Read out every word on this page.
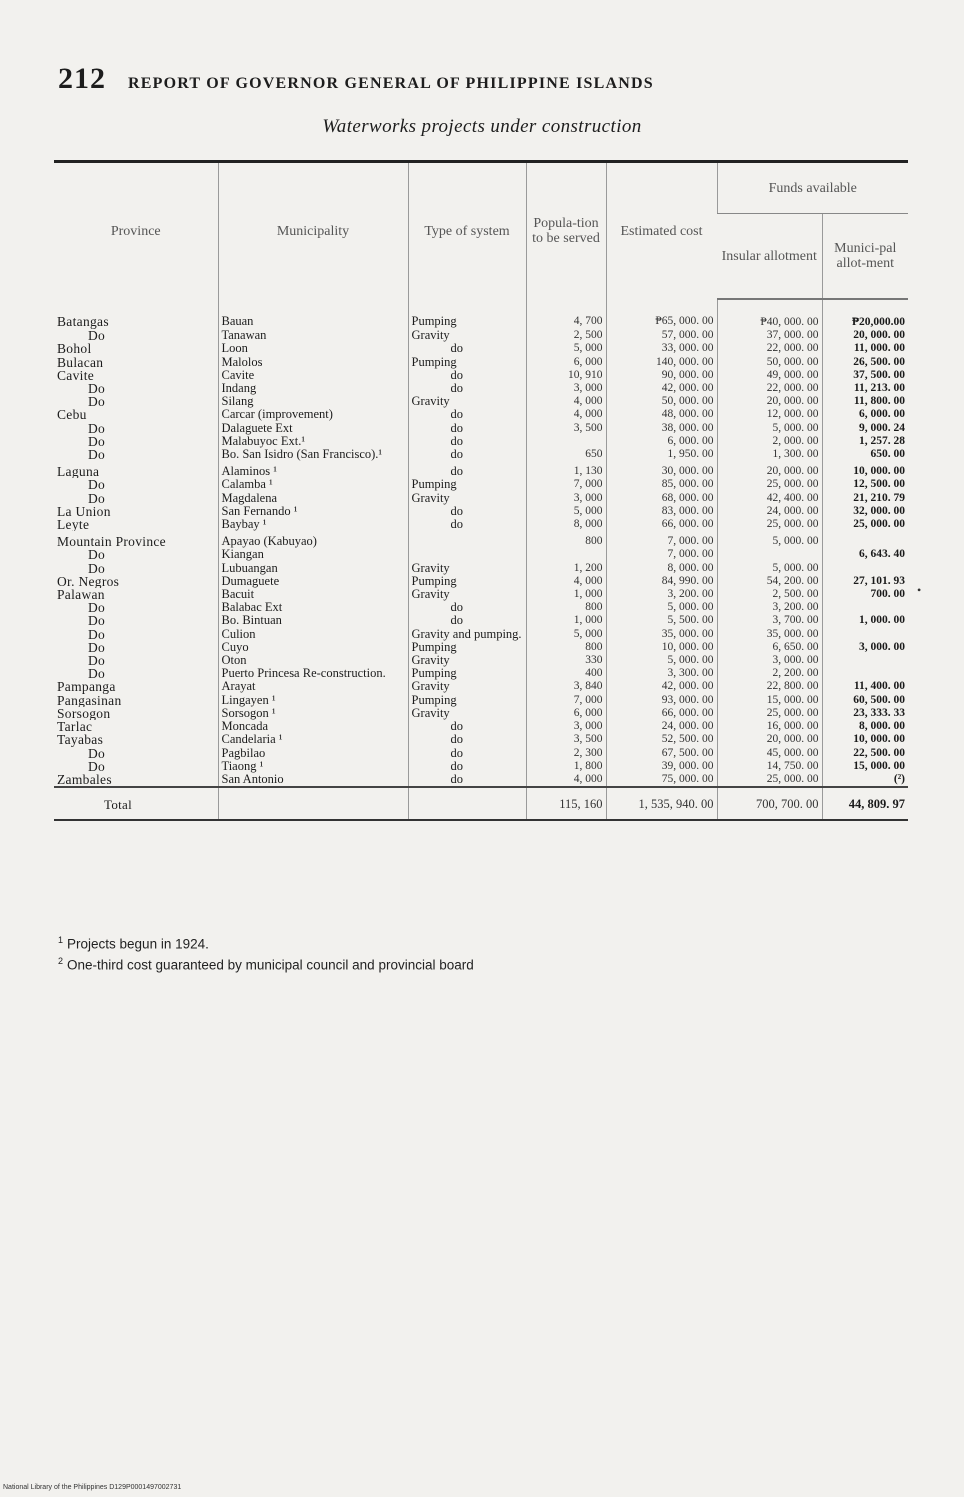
212 REPORT OF GOVERNOR GENERAL OF PHILIPPINE ISLANDS
Waterworks projects under construction
Province	Municipality	Type of system	Popula-tion to be served	Estimated cost	Funds available	
					Insular allotment	Munici-pal allot-ment
Batangas	Bauan	Pumping	4, 700	₱65, 000. 00	₱40, 000. 00	₱20,000.00
Do	Tanawan	Gravity	2, 500	57, 000. 00	37, 000. 00	20, 000. 00
Bohol	Loon	do	5, 000	33, 000. 00	22, 000. 00	11, 000. 00
Bulacan	Malolos	Pumping	6, 000	140, 000. 00	50, 000. 00	26, 500. 00
Cavite	Cavite	do	10, 910	90, 000. 00	49, 000. 00	37, 500. 00
Do	Indang	do	3, 000	42, 000. 00	22, 000. 00	11, 213. 00
Do	Silang	Gravity	4, 000	50, 000. 00	20, 000. 00	11, 800. 00
Cebu	Carcar (improvement)	do	4, 000	48, 000. 00	12, 000. 00	6, 000. 00
Do	Dalaguete Ext	do	3, 500	38, 000. 00	5, 000. 00	9, 000. 24
Do	Malabuyoc Ext.¹	do		6, 000. 00	2, 000. 00	1, 257. 28
Do	Bo. San Isidro (San Francisco).¹	do	650	1, 950. 00	1, 300. 00	650. 00
Laguna	Alaminos ¹	do	1, 130	30, 000. 00	20, 000. 00	10, 000. 00
Do	Calamba ¹	Pumping	7, 000	85, 000. 00	25, 000. 00	12, 500. 00
Do	Magdalena	Gravity	3, 000	68, 000. 00	42, 400. 00	21, 210. 79
La Union	San Fernando ¹	do	5, 000	83, 000. 00	24, 000. 00	32, 000. 00
Leyte	Baybay ¹	do	8, 000	66, 000. 00	25, 000. 00	25, 000. 00
Mountain Province	Apayao (Kabuyao)		800	7, 000. 00	5, 000. 00	
Do	Kiangan			7, 000. 00		6, 643. 40
Do	Lubuangan	Gravity	1, 200	8, 000. 00	5, 000. 00	
Or. Negros	Dumaguete	Pumping	4, 000	84, 990. 00	54, 200. 00	27, 101. 93
Palawan	Bacuit	Gravity	1, 000	3, 200. 00	2, 500. 00	700. 00
Do	Balabac Ext	do	800	5, 000. 00	3, 200. 00	
Do	Bo. Bintuan	do	1, 000	5, 500. 00	3, 700. 00	1, 000. 00
Do	Culion	Gravity and pumping.	5, 000	35, 000. 00	35, 000. 00	
Do	Cuyo	Pumping	800	10, 000. 00	6, 650. 00	3, 000. 00
Do	Oton	Gravity	330	5, 000. 00	3, 000. 00	
Do	Puerto Princesa Re-construction.	Pumping	400	3, 300. 00	2, 200. 00	
Pampanga	Arayat	Gravity	3, 840	42, 000. 00	22, 800. 00	11, 400. 00
Pangasinan	Lingayen ¹	Pumping	7, 000	93, 000. 00	15, 000. 00	60, 500. 00
Sorsogon	Sorsogon ¹	Gravity	6, 000	66, 000. 00	25, 000. 00	23, 333. 33
Tarlac	Moncada	do	3, 000	24, 000. 00	16, 000. 00	8, 000. 00
Tayabas	Candelaria ¹	do	3, 500	52, 500. 00	20, 000. 00	10, 000. 00
Do	Pagbilao	do	2, 300	67, 500. 00	45, 000. 00	22, 500. 00
Do	Tiaong ¹	do	1, 800	39, 000. 00	14, 750. 00	15, 000. 00
Zambales	San Antonio	do	4, 000	75, 000. 00	25, 000. 00	(²)
Total			115, 160	1, 535, 940. 00	700, 700. 00	44, 809. 97

$^1$ Projects begun in 1924.
$^2$ One-third cost guaranteed by municipal council and provincial board
•
National Library of the Philippines D129P0001497002731
